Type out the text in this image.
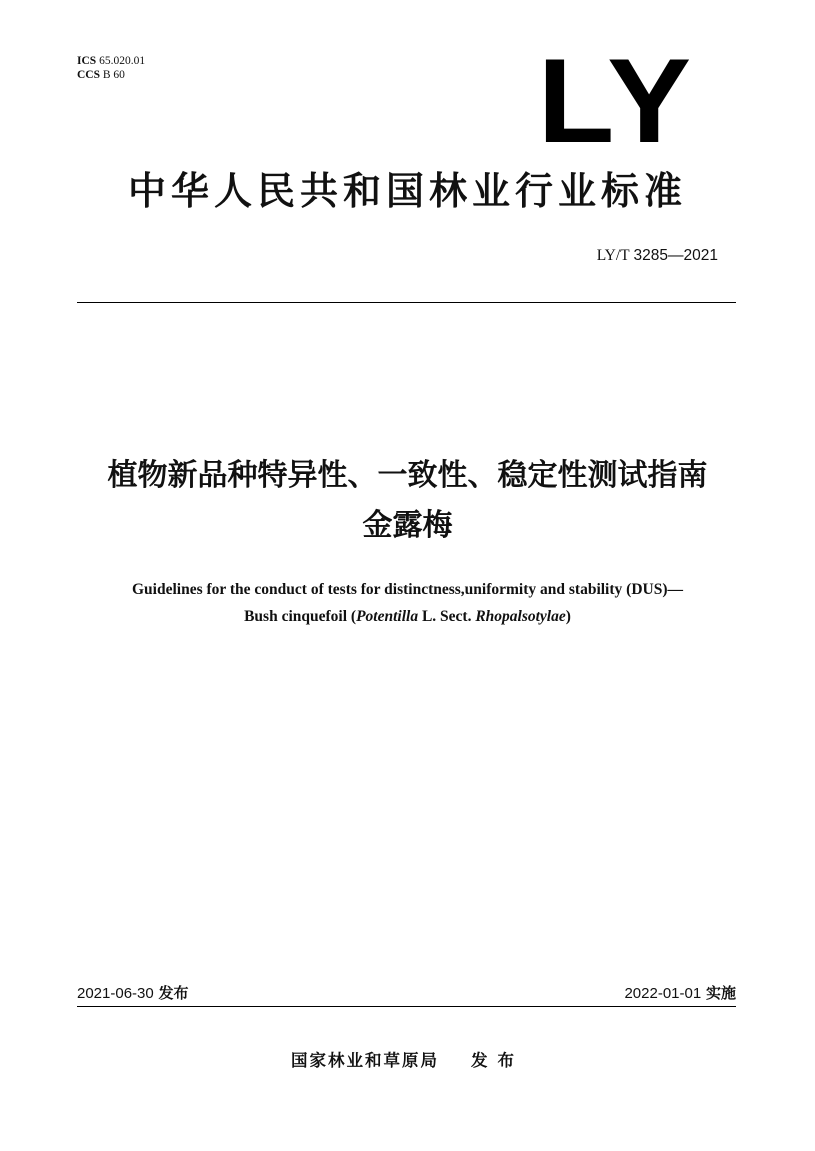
ICS 65.020.01
CCS B 60	LY
中华人民共和国林业行业标准
LY/T 3285—2021
植物新品种特异性、一致性、稳定性测试指南
金露梅
Guidelines for the conduct of tests for distinctness,uniformity and stability (DUS)—
Bush cinquefoil (Potentilla L. Sect. Rhopalsotylae)
2021-06-30 发布	2022-01-01 实施
国家林业和草原局 发布
